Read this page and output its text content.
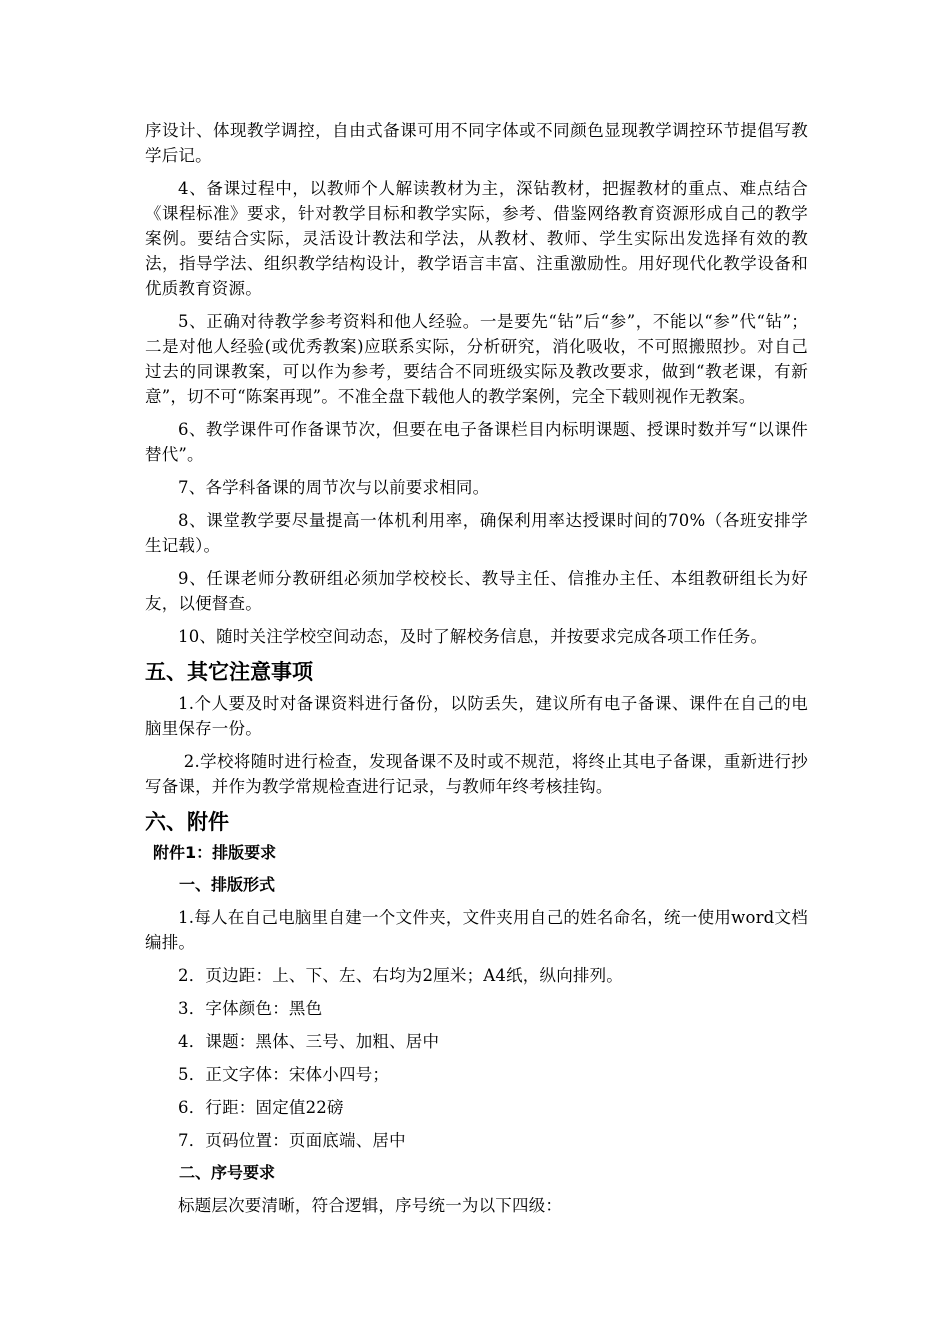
序设计、体现教学调控，自由式备课可用不同字体或不同颜色显现教学调控环节提倡写教学后记。

4、备课过程中，以教师个人解读教材为主，深钻教材，把握教材的重点、难点结合《课程标准》要求，针对教学目标和教学实际，参考、借鉴网络教育资源形成自己的教学案例。要结合实际，灵活设计教法和学法，从教材、教师、学生实际出发选择有效的教法，指导学法、组织教学结构设计，教学语言丰富、注重激励性。用好现代化教学设备和优质教育资源。

5、正确对待教学参考资料和他人经验。一是要先“钻”后“参”，不能以“参”代“钻”；二是对他人经验(或优秀教案)应联系实际，分析研究，消化吸收，不可照搬照抄。对自己过去的同课教案，可以作为参考，要结合不同班级实际及教改要求，做到“教老课，有新意”，切不可“陈案再现”。不准全盘下载他人的教学案例，完全下载则视作无教案。

6、教学课件可作备课节次，但要在电子备课栏目内标明课题、授课时数并写“以课件替代”。

7、各学科备课的周节次与以前要求相同。

8、课堂教学要尽量提高一体机利用率，确保利用率达授课时间的70%（各班安排学生记载）。

9、任课老师分教研组必须加学校校长、教导主任、信推办主任、本组教研组长为好友，以便督查。

10、随时关注学校空间动态，及时了解校务信息，并按要求完成各项工作任务。

五、其它注意事项

1.个人要及时对备课资料进行备份，以防丢失，建议所有电子备课、课件在自己的电脑里保存一份。

2.学校将随时进行检查，发现备课不及时或不规范，将终止其电子备课，重新进行抄写备课，并作为教学常规检查进行记录，与教师年终考核挂钩。

六、附件
附件1：排版要求
一、排版形式

1.每人在自己电脑里自建一个文件夹，文件夹用自己的姓名命名，统一使用word文档编排。

2．页边距：上、下、左、右均为2厘米；A4纸，纵向排列。

3．字体颜色：黑色

4．课题：黑体、三号、加粗、居中

5．正文字体：宋体小四号；

6．行距：固定值22磅

7．页码位置：页面底端、居中

二、序号要求

标题层次要清晰，符合逻辑，序号统一为以下四级：
